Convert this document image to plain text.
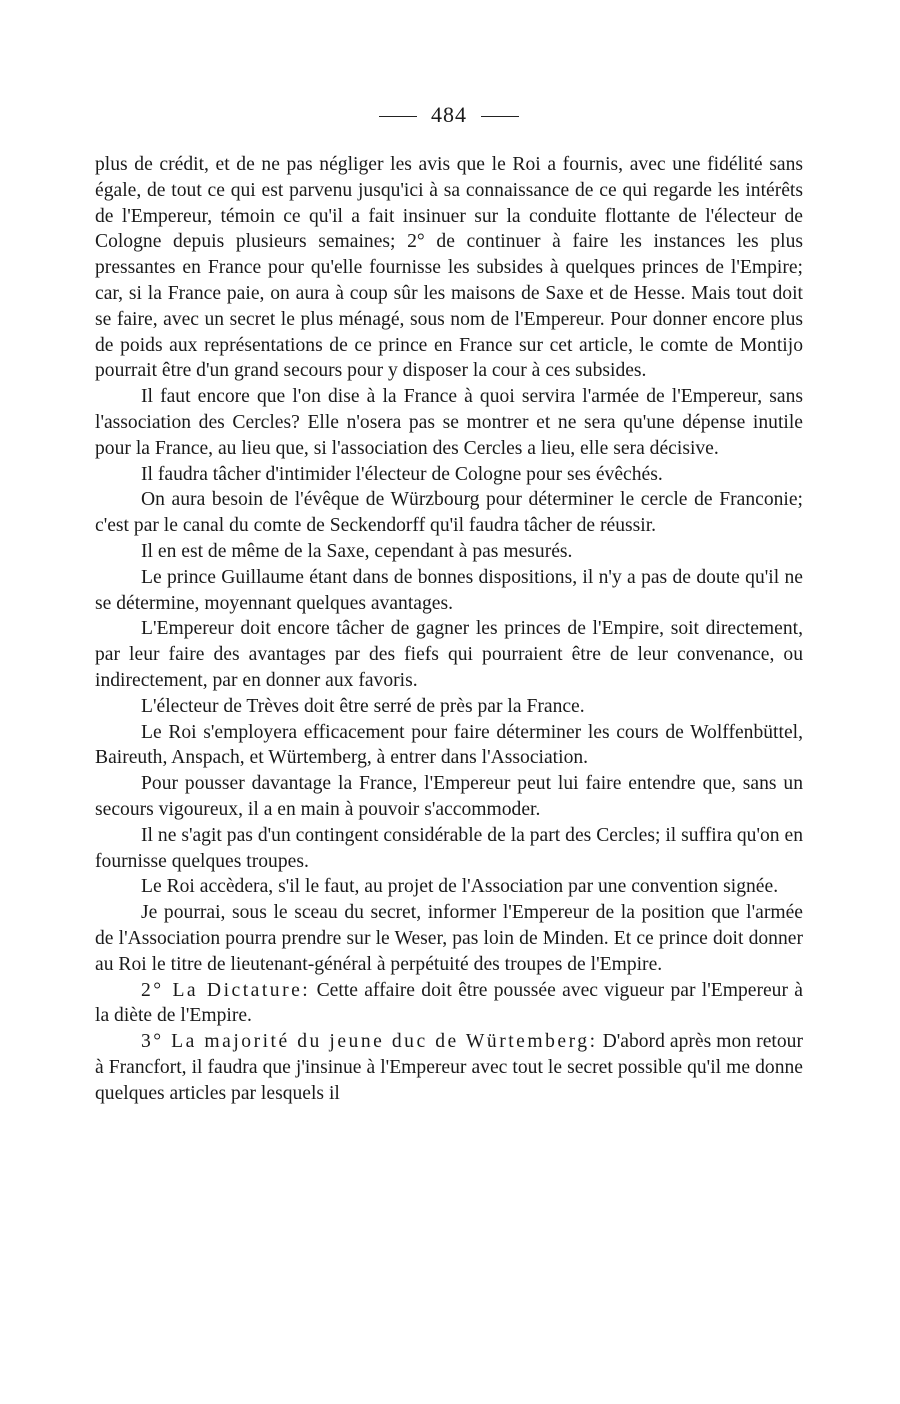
484

plus de crédit, et de ne pas négliger les avis que le Roi a fournis, avec une fidélité sans égale, de tout ce qui est parvenu jusqu'ici à sa connaissance de ce qui regarde les intérêts de l'Empereur, témoin ce qu'il a fait insinuer sur la conduite flottante de l'électeur de Cologne depuis plusieurs semaines; 2° de continuer à faire les instances les plus pressantes en France pour qu'elle fournisse les subsides à quelques princes de l'Empire; car, si la France paie, on aura à coup sûr les maisons de Saxe et de Hesse. Mais tout doit se faire, avec un secret le plus ménagé, sous nom de l'Empereur. Pour donner encore plus de poids aux représentations de ce prince en France sur cet article, le comte de Montijo pourrait être d'un grand secours pour y disposer la cour à ces subsides.

Il faut encore que l'on dise à la France à quoi servira l'armée de l'Empereur, sans l'association des Cercles? Elle n'osera pas se montrer et ne sera qu'une dépense inutile pour la France, au lieu que, si l'association des Cercles a lieu, elle sera décisive.

Il faudra tâcher d'intimider l'électeur de Cologne pour ses évêchés.

On aura besoin de l'évêque de Würzbourg pour déterminer le cercle de Franconie; c'est par le canal du comte de Seckendorff qu'il faudra tâcher de réussir.

Il en est de même de la Saxe, cependant à pas mesurés.

Le prince Guillaume étant dans de bonnes dispositions, il n'y a pas de doute qu'il ne se détermine, moyennant quelques avantages.

L'Empereur doit encore tâcher de gagner les princes de l'Empire, soit directement, par leur faire des avantages par des fiefs qui pourraient être de leur convenance, ou indirectement, par en donner aux favoris.

L'électeur de Trèves doit être serré de près par la France.

Le Roi s'employera efficacement pour faire déterminer les cours de Wolffenbüttel, Baireuth, Anspach, et Würtemberg, à entrer dans l'Association.

Pour pousser davantage la France, l'Empereur peut lui faire entendre que, sans un secours vigoureux, il a en main à pouvoir s'accommoder.

Il ne s'agit pas d'un contingent considérable de la part des Cercles; il suffira qu'on en fournisse quelques troupes.

Le Roi accèdera, s'il le faut, au projet de l'Association par une convention signée.

Je pourrai, sous le sceau du secret, informer l'Empereur de la position que l'armée de l'Association pourra prendre sur le Weser, pas loin de Minden. Et ce prince doit donner au Roi le titre de lieutenant-général à perpétuité des troupes de l'Empire.

2° La Dictature: Cette affaire doit être poussée avec vigueur par l'Empereur à la diète de l'Empire.

3° La majorité du jeune duc de Würtemberg: D'abord après mon retour à Francfort, il faudra que j'insinue à l'Empereur avec tout le secret possible qu'il me donne quelques articles par lesquels il
